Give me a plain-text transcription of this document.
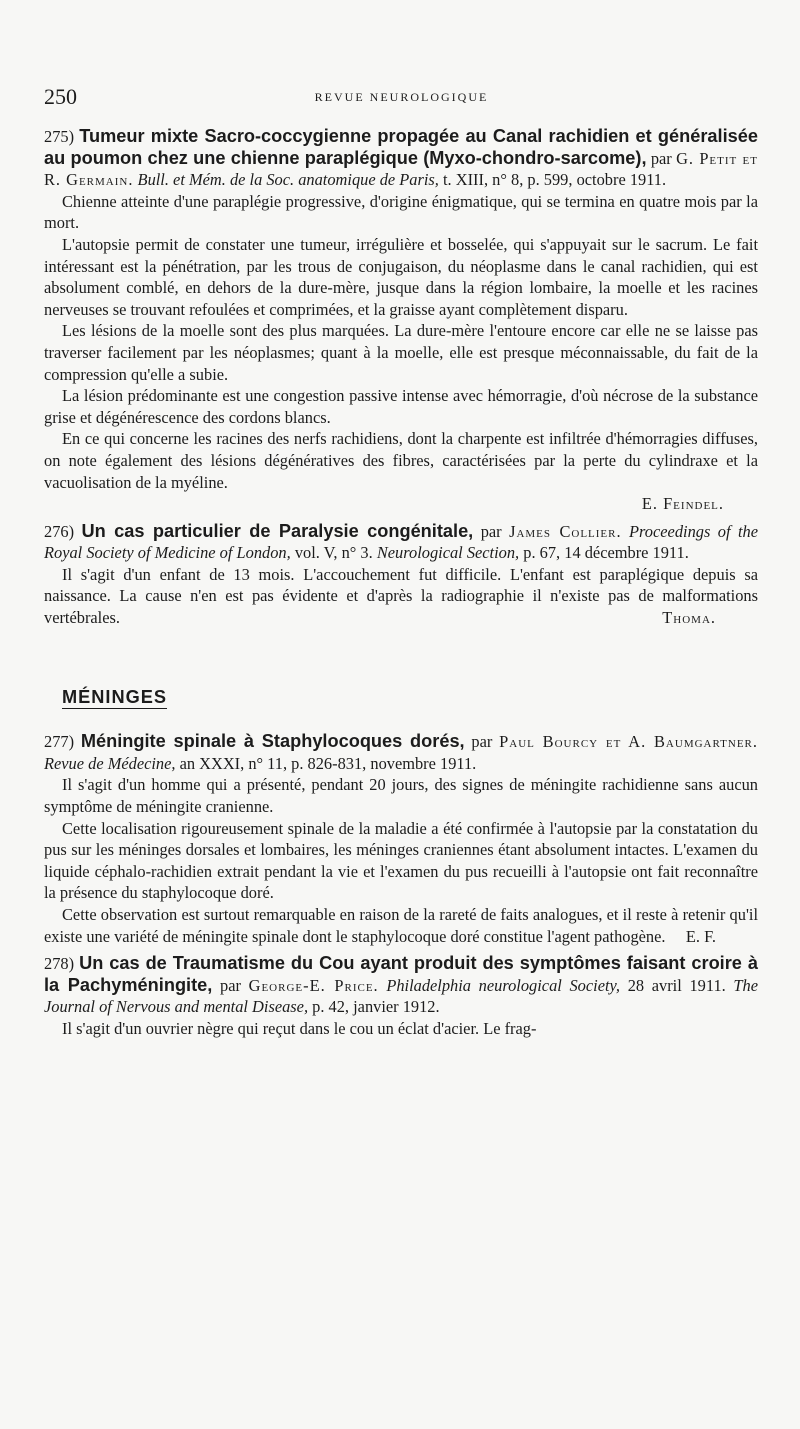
250	REVUE NEUROLOGIQUE

275) Tumeur mixte Sacro-coccygienne propagée au Canal rachidien et généralisée au poumon chez une chienne paraplégique (Myxo-chondro-sarcome), par G. Petit et R. Germain. Bull. et Mém. de la Soc. anatomique de Paris, t. XIII, n° 8, p. 599, octobre 1911.

Chienne atteinte d'une paraplégie progressive, d'origine énigmatique, qui se termina en quatre mois par la mort.

L'autopsie permit de constater une tumeur, irrégulière et bosselée, qui s'appuyait sur le sacrum. Le fait intéressant est la pénétration, par les trous de conjugaison, du néoplasme dans le canal rachidien, qui est absolument comblé, en dehors de la dure-mère, jusque dans la région lombaire, la moelle et les racines nerveuses se trouvant refoulées et comprimées, et la graisse ayant complètement disparu.

Les lésions de la moelle sont des plus marquées. La dure-mère l'entoure encore car elle ne se laisse pas traverser facilement par les néoplasmes; quant à la moelle, elle est presque méconnaissable, du fait de la compression qu'elle a subie.

La lésion prédominante est une congestion passive intense avec hémorragie, d'où nécrose de la substance grise et dégénérescence des cordons blancs.

En ce qui concerne les racines des nerfs rachidiens, dont la charpente est infiltrée d'hémorragies diffuses, on note également des lésions dégénératives des fibres, caractérisées par la perte du cylindraxe et la vacuolisation de la myéline.

E. Feindel.

276) Un cas particulier de Paralysie congénitale, par James Collier. Proceedings of the Royal Society of Medicine of London, vol. V, n° 3. Neurological Section, p. 67, 14 décembre 1911.

Il s'agit d'un enfant de 13 mois. L'accouchement fut difficile. L'enfant est paraplégique depuis sa naissance. La cause n'en est pas évidente et d'après la radiographie il n'existe pas de malformations vertébrales.	Thoma.

MÉNINGES

277) Méningite spinale à Staphylocoques dorés, par Paul Bourcy et A. Baumgartner. Revue de Médecine, an XXXI, n° 11, p. 826-831, novembre 1911.

Il s'agit d'un homme qui a présenté, pendant 20 jours, des signes de méningite rachidienne sans aucun symptôme de méningite cranienne.

Cette localisation rigoureusement spinale de la maladie a été confirmée à l'autopsie par la constatation du pus sur les méninges dorsales et lombaires, les méninges craniennes étant absolument intactes. L'examen du liquide céphalo-rachidien extrait pendant la vie et l'examen du pus recueilli à l'autopsie ont fait reconnaître la présence du staphylocoque doré.

Cette observation est surtout remarquable en raison de la rareté de faits analogues, et il reste à retenir qu'il existe une variété de méningite spinale dont le staphylocoque doré constitue l'agent pathogène.	E. F.

278) Un cas de Traumatisme du Cou ayant produit des symptômes faisant croire à la Pachyméningite, par George-E. Price. Philadelphia neurological Society, 28 avril 1911. The Journal of Nervous and mental Disease, p. 42, janvier 1912.

Il s'agit d'un ouvrier nègre qui reçut dans le cou un éclat d'acier. Le frag-
